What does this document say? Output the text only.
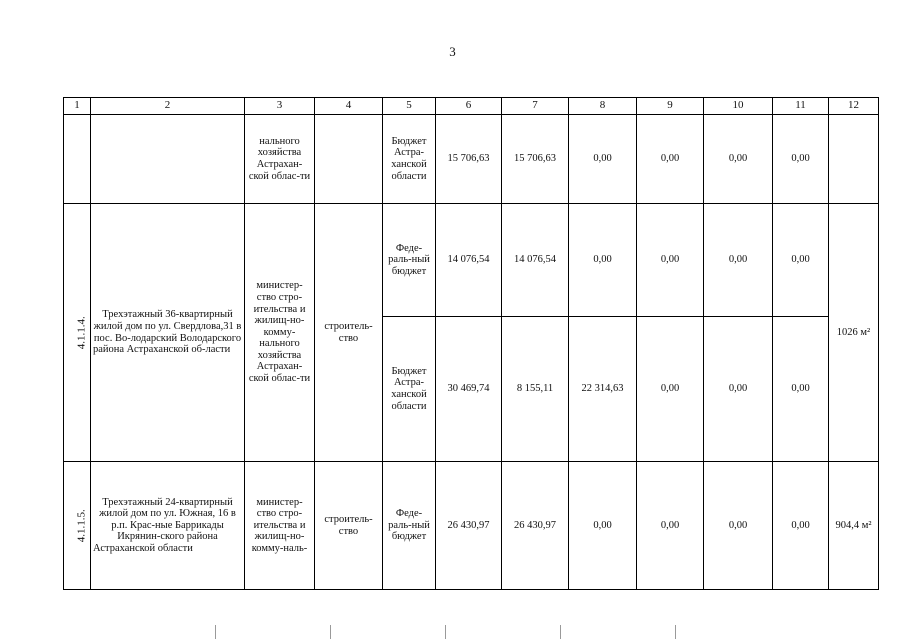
3
1	2	3	4	5	6	7	8	9	10	11	12
		нального хозяйства Астрахан-ской облас-ти		Бюджет Астра-ханской области	15 706,63	15 706,63	0,00	0,00	0,00	0,00	
4.1.1.4.	Трехэтажный 36-квартирный жилой дом по ул. Свердлова,31 в пос. Во-лодарский Володарского района Астраханской об-ласти	министер-ство стро-ительства и жилищ-но-комму-нального хозяйства Астрахан-ской облас-ти	строитель-ство	Феде-раль-ный бюджет	14 076,54	14 076,54	0,00	0,00	0,00	0,00	1026 м²
				Бюджет Астра-ханской области	30 469,74	8 155,11	22 314,63	0,00	0,00	0,00	
4.1.1.5.	Трехэтажный 24-квартирный жилой дом по ул. Южная, 16 в р.п. Крас-ные Баррикады Икрянин-ского района Астраханской области	министер-ство стро-ительства и жилищ-но-комму-наль-	строитель-ство	Феде-раль-ный бюджет	26 430,97	26 430,97	0,00	0,00	0,00	0,00	904,4 м²
